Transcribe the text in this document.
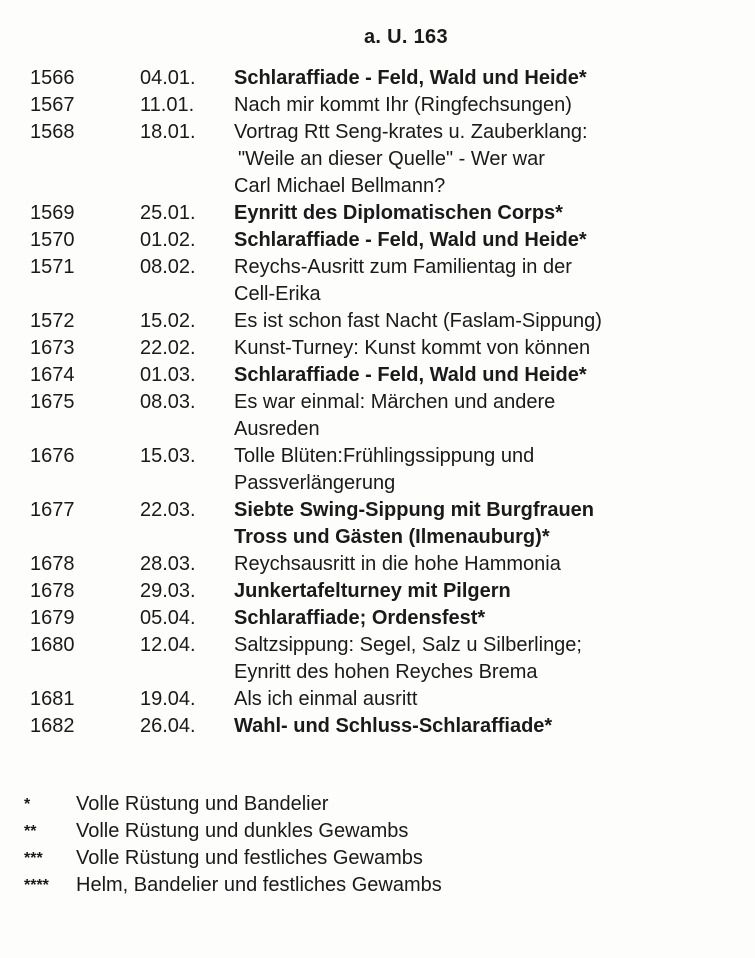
a. U. 163
1566	04.01. Schlaraffiade - Feld, Wald und Heide*
1567	11.01. Nach mir kommt Ihr (Ringfechsungen)
1568	18.01. Vortrag Rtt Seng-krates u. Zauberklang:
"Weile an dieser Quelle" - Wer war
Carl Michael Bellmann?
1569	25.01. Eynritt des Diplomatischen Corps*
1570	01.02. Schlaraffiade - Feld, Wald und Heide*
1571	08.02. Reychs-Ausritt zum Familientag in der
Cell-Erika
1572	15.02. Es ist schon fast Nacht (Faslam-Sippung)
1673	22.02. Kunst-Turney: Kunst kommt von können
1674	01.03. Schlaraffiade - Feld, Wald und Heide*
1675	08.03. Es war einmal: Märchen und andere
Ausreden
1676	15.03. Tolle Blüten:Frühlingssippung und
Passverlängerung
1677	22.03. Siebte Swing-Sippung mit Burgfrauen
Tross und Gästen (Ilmenauburg)*
1678	28.03. Reychsausritt in die hohe Hammonia
1678	29.03. Junkertafelturney mit Pilgern
1679	05.04. Schlaraffiade; Ordensfest*
1680	12.04. Saltzsippung: Segel, Salz u Silberlinge;
Eynritt des hohen Reyches Brema
1681	19.04. Als ich einmal ausritt
1682	26.04. Wahl- und Schluss-Schlaraffiade*
* Volle Rüstung und Bandelier
** Volle Rüstung und dunkles Gewambs
*** Volle Rüstung und festliches Gewambs
**** Helm, Bandelier und festliches Gewambs
